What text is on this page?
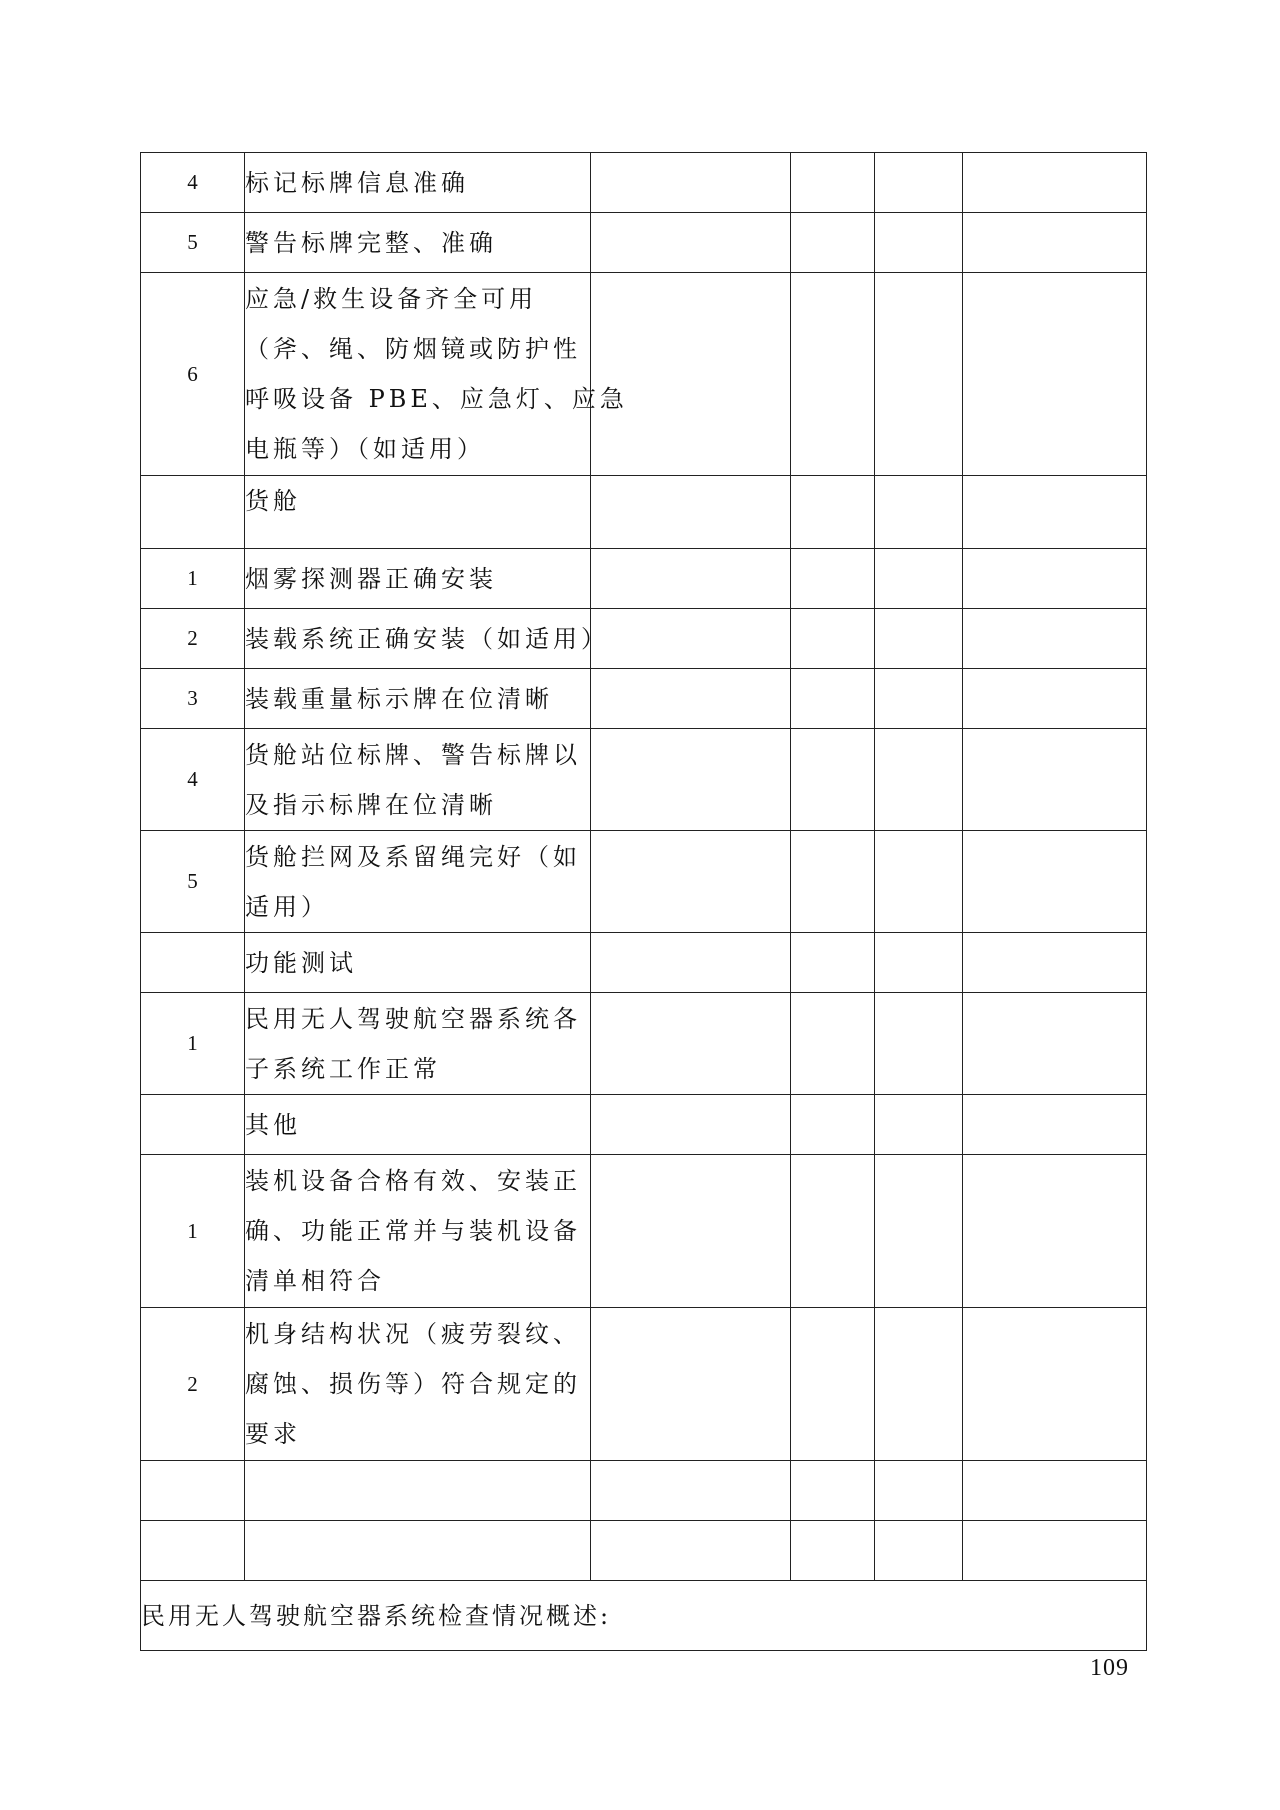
4	标记标牌信息准确				

5	警告标牌完整、准确				

6	应急/救生设备齐全可用
（斧、绳、防烟镜或防护性
呼吸设备 PBE、应急灯、应急
电瓶等）（如适用）				

	货舱				

1	烟雾探测器正确安装				

2	装载系统正确安装（如适用）				

3	装载重量标示牌在位清晰				

4	货舱站位标牌、警告标牌以
及指示标牌在位清晰				

5	货舱拦网及系留绳完好（如
适用）				

	功能测试				

1	民用无人驾驶航空器系统各
子系统工作正常				

	其他				

1	装机设备合格有效、安装正
确、功能正常并与装机设备
清单相符合				

2	机身结构状况（疲劳裂纹、
腐蚀、损伤等）符合规定的
要求				

民用无人驾驶航空器系统检查情况概述:					
109
